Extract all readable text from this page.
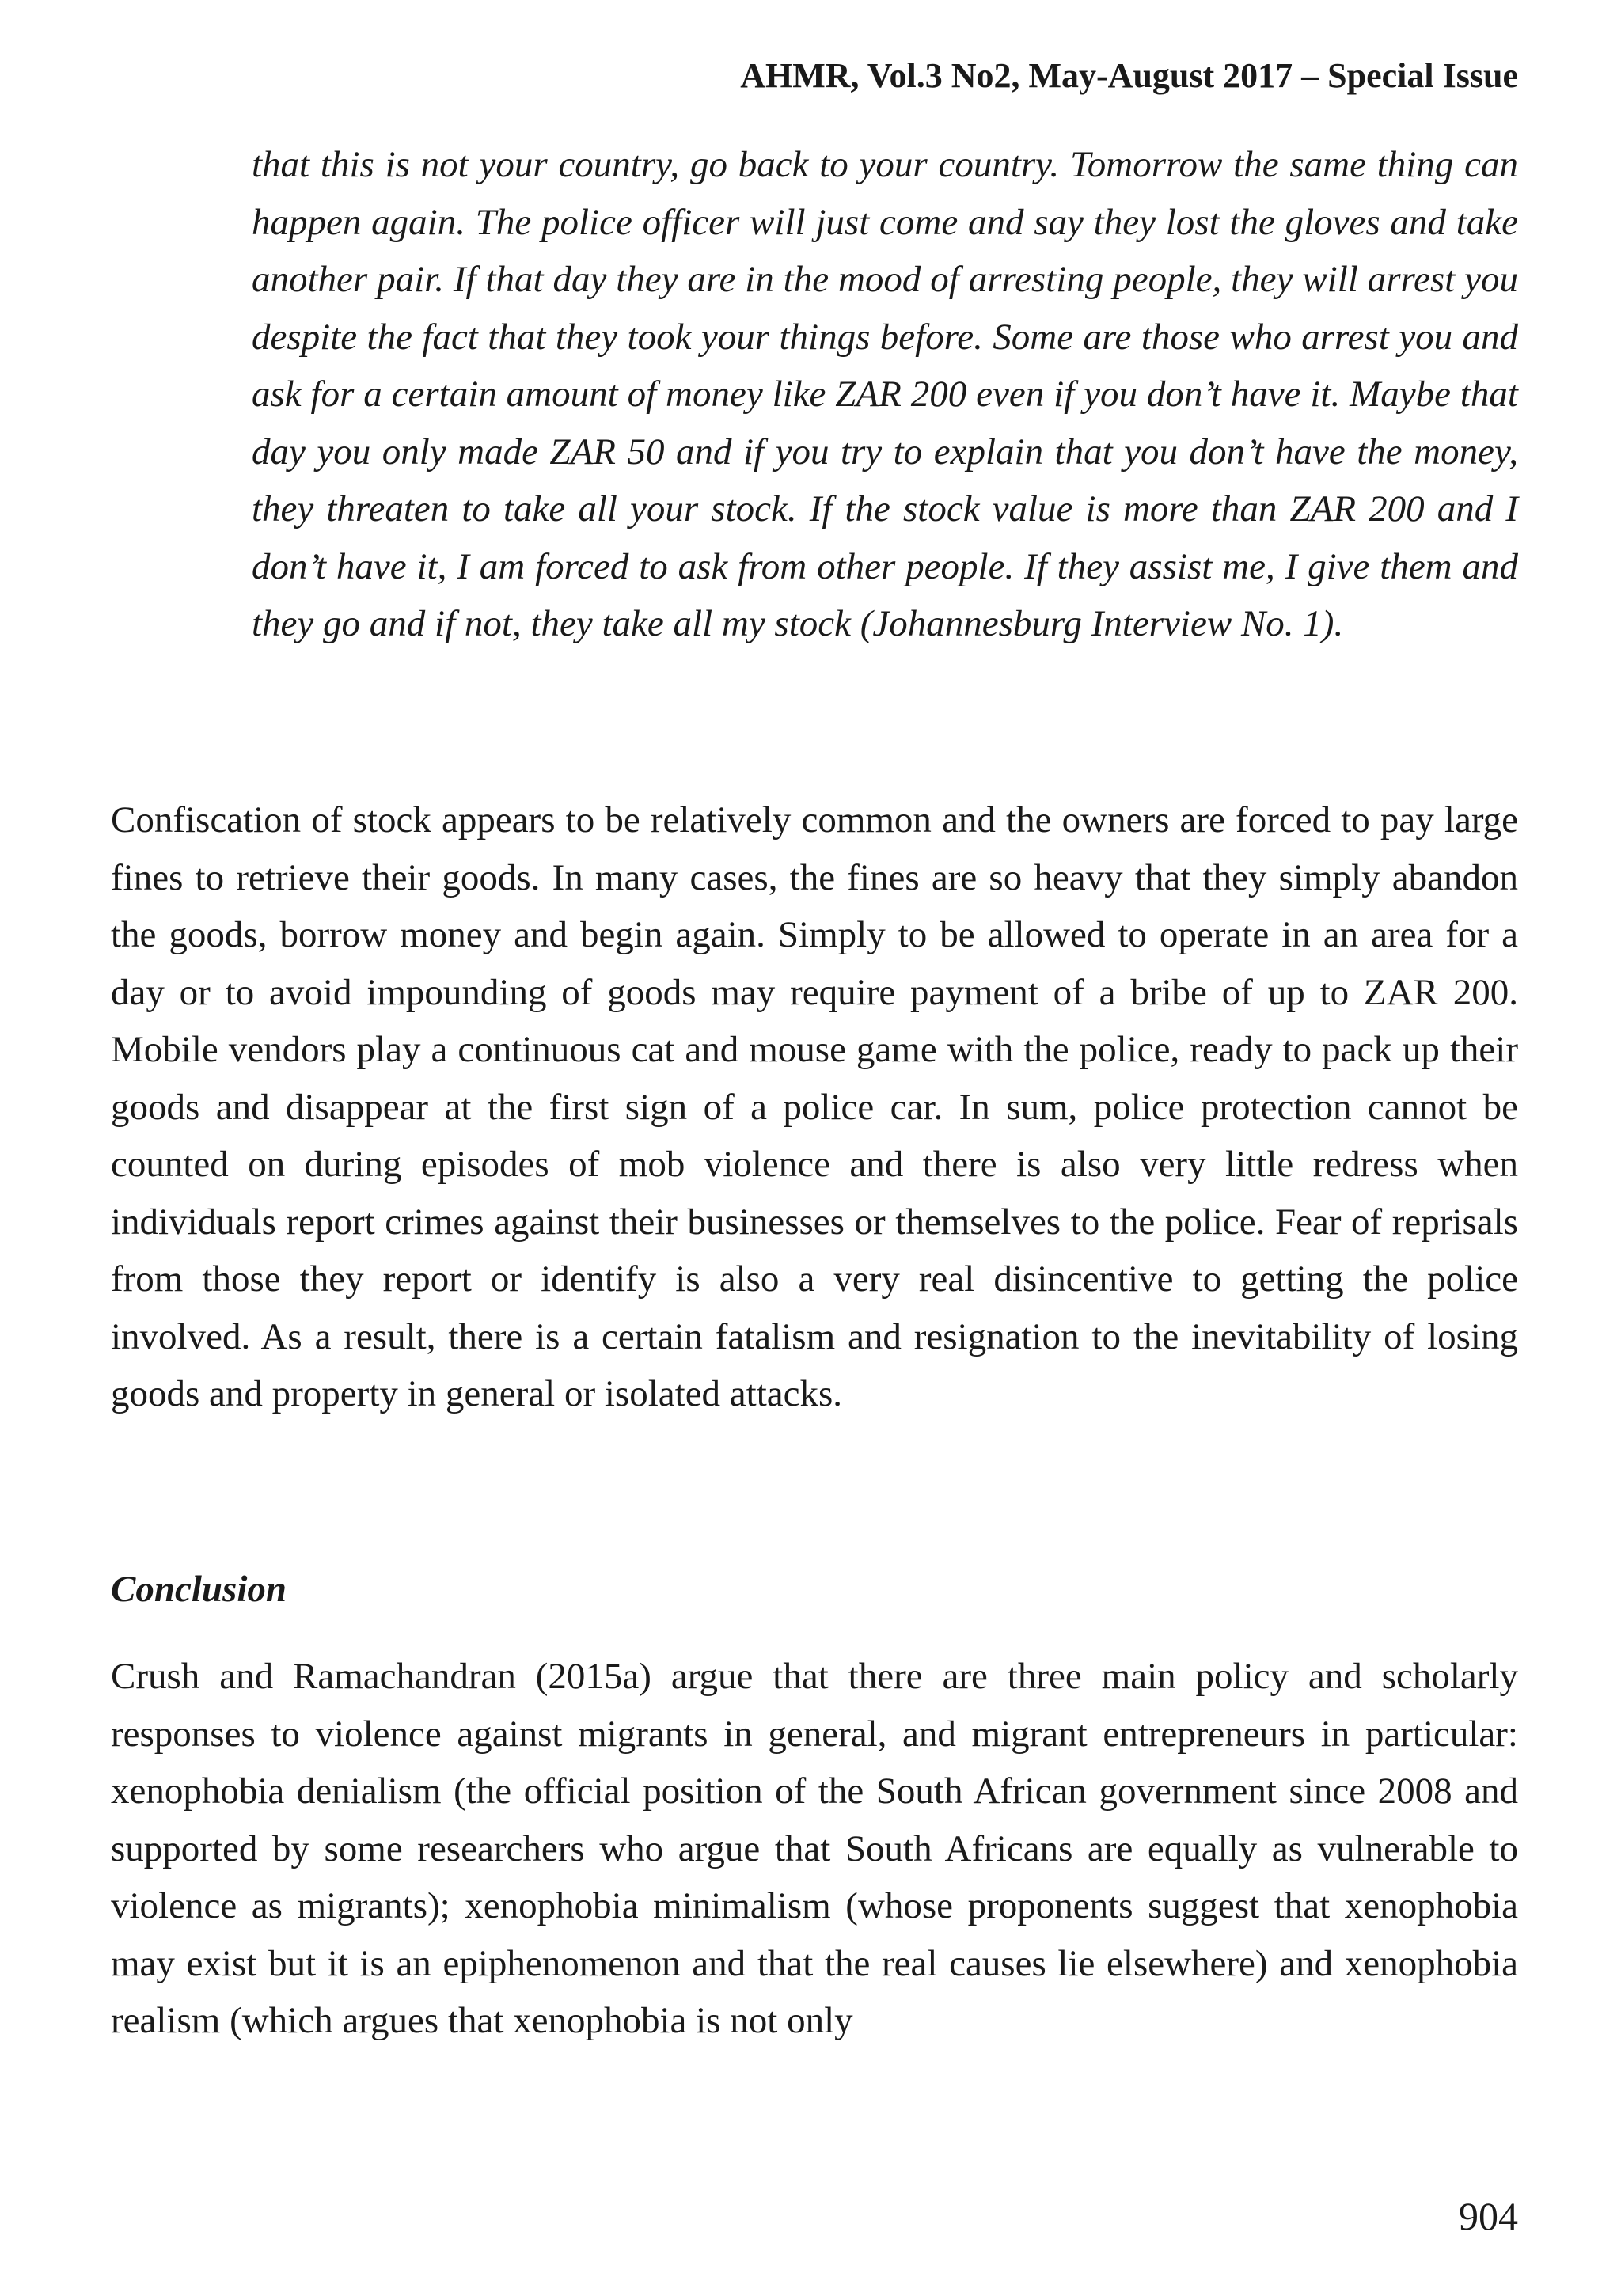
AHMR, Vol.3 No2, May-August 2017 – Special Issue

that this is not your country, go back to your country. Tomorrow the same thing can happen again. The police officer will just come and say they lost the gloves and take another pair. If that day they are in the mood of arresting people, they will arrest you despite the fact that they took your things before. Some are those who arrest you and ask for a certain amount of money like ZAR 200 even if you don’t have it. Maybe that day you only made ZAR 50 and if you try to explain that you don’t have the money, they threaten to take all your stock. If the stock value is more than ZAR 200 and I don’t have it, I am forced to ask from other people. If they assist me, I give them and they go and if not, they take all my stock (Johannesburg Interview No. 1).

Confiscation of stock appears to be relatively common and the owners are forced to pay large fines to retrieve their goods. In many cases, the fines are so heavy that they simply abandon the goods, borrow money and begin again. Simply to be allowed to operate in an area for a day or to avoid impounding of goods may require payment of a bribe of up to ZAR 200. Mobile vendors play a continuous cat and mouse game with the police, ready to pack up their goods and disappear at the first sign of a police car. In sum, police protection cannot be counted on during episodes of mob violence and there is also very little redress when individuals report crimes against their businesses or themselves to the police. Fear of reprisals from those they report or identify is also a very real disincentive to getting the police involved. As a result, there is a certain fatalism and resignation to the inevitability of losing goods and property in general or isolated attacks.

Conclusion

Crush and Ramachandran (2015a) argue that there are three main policy and scholarly responses to violence against migrants in general, and migrant entrepreneurs in particular: xenophobia denialism (the official position of the South African government since 2008 and supported by some researchers who argue that South Africans are equally as vulnerable to violence as migrants); xenophobia minimalism (whose proponents suggest that xenophobia may exist but it is an epiphenomenon and that the real causes lie elsewhere) and xenophobia realism (which argues that xenophobia is not only

904
